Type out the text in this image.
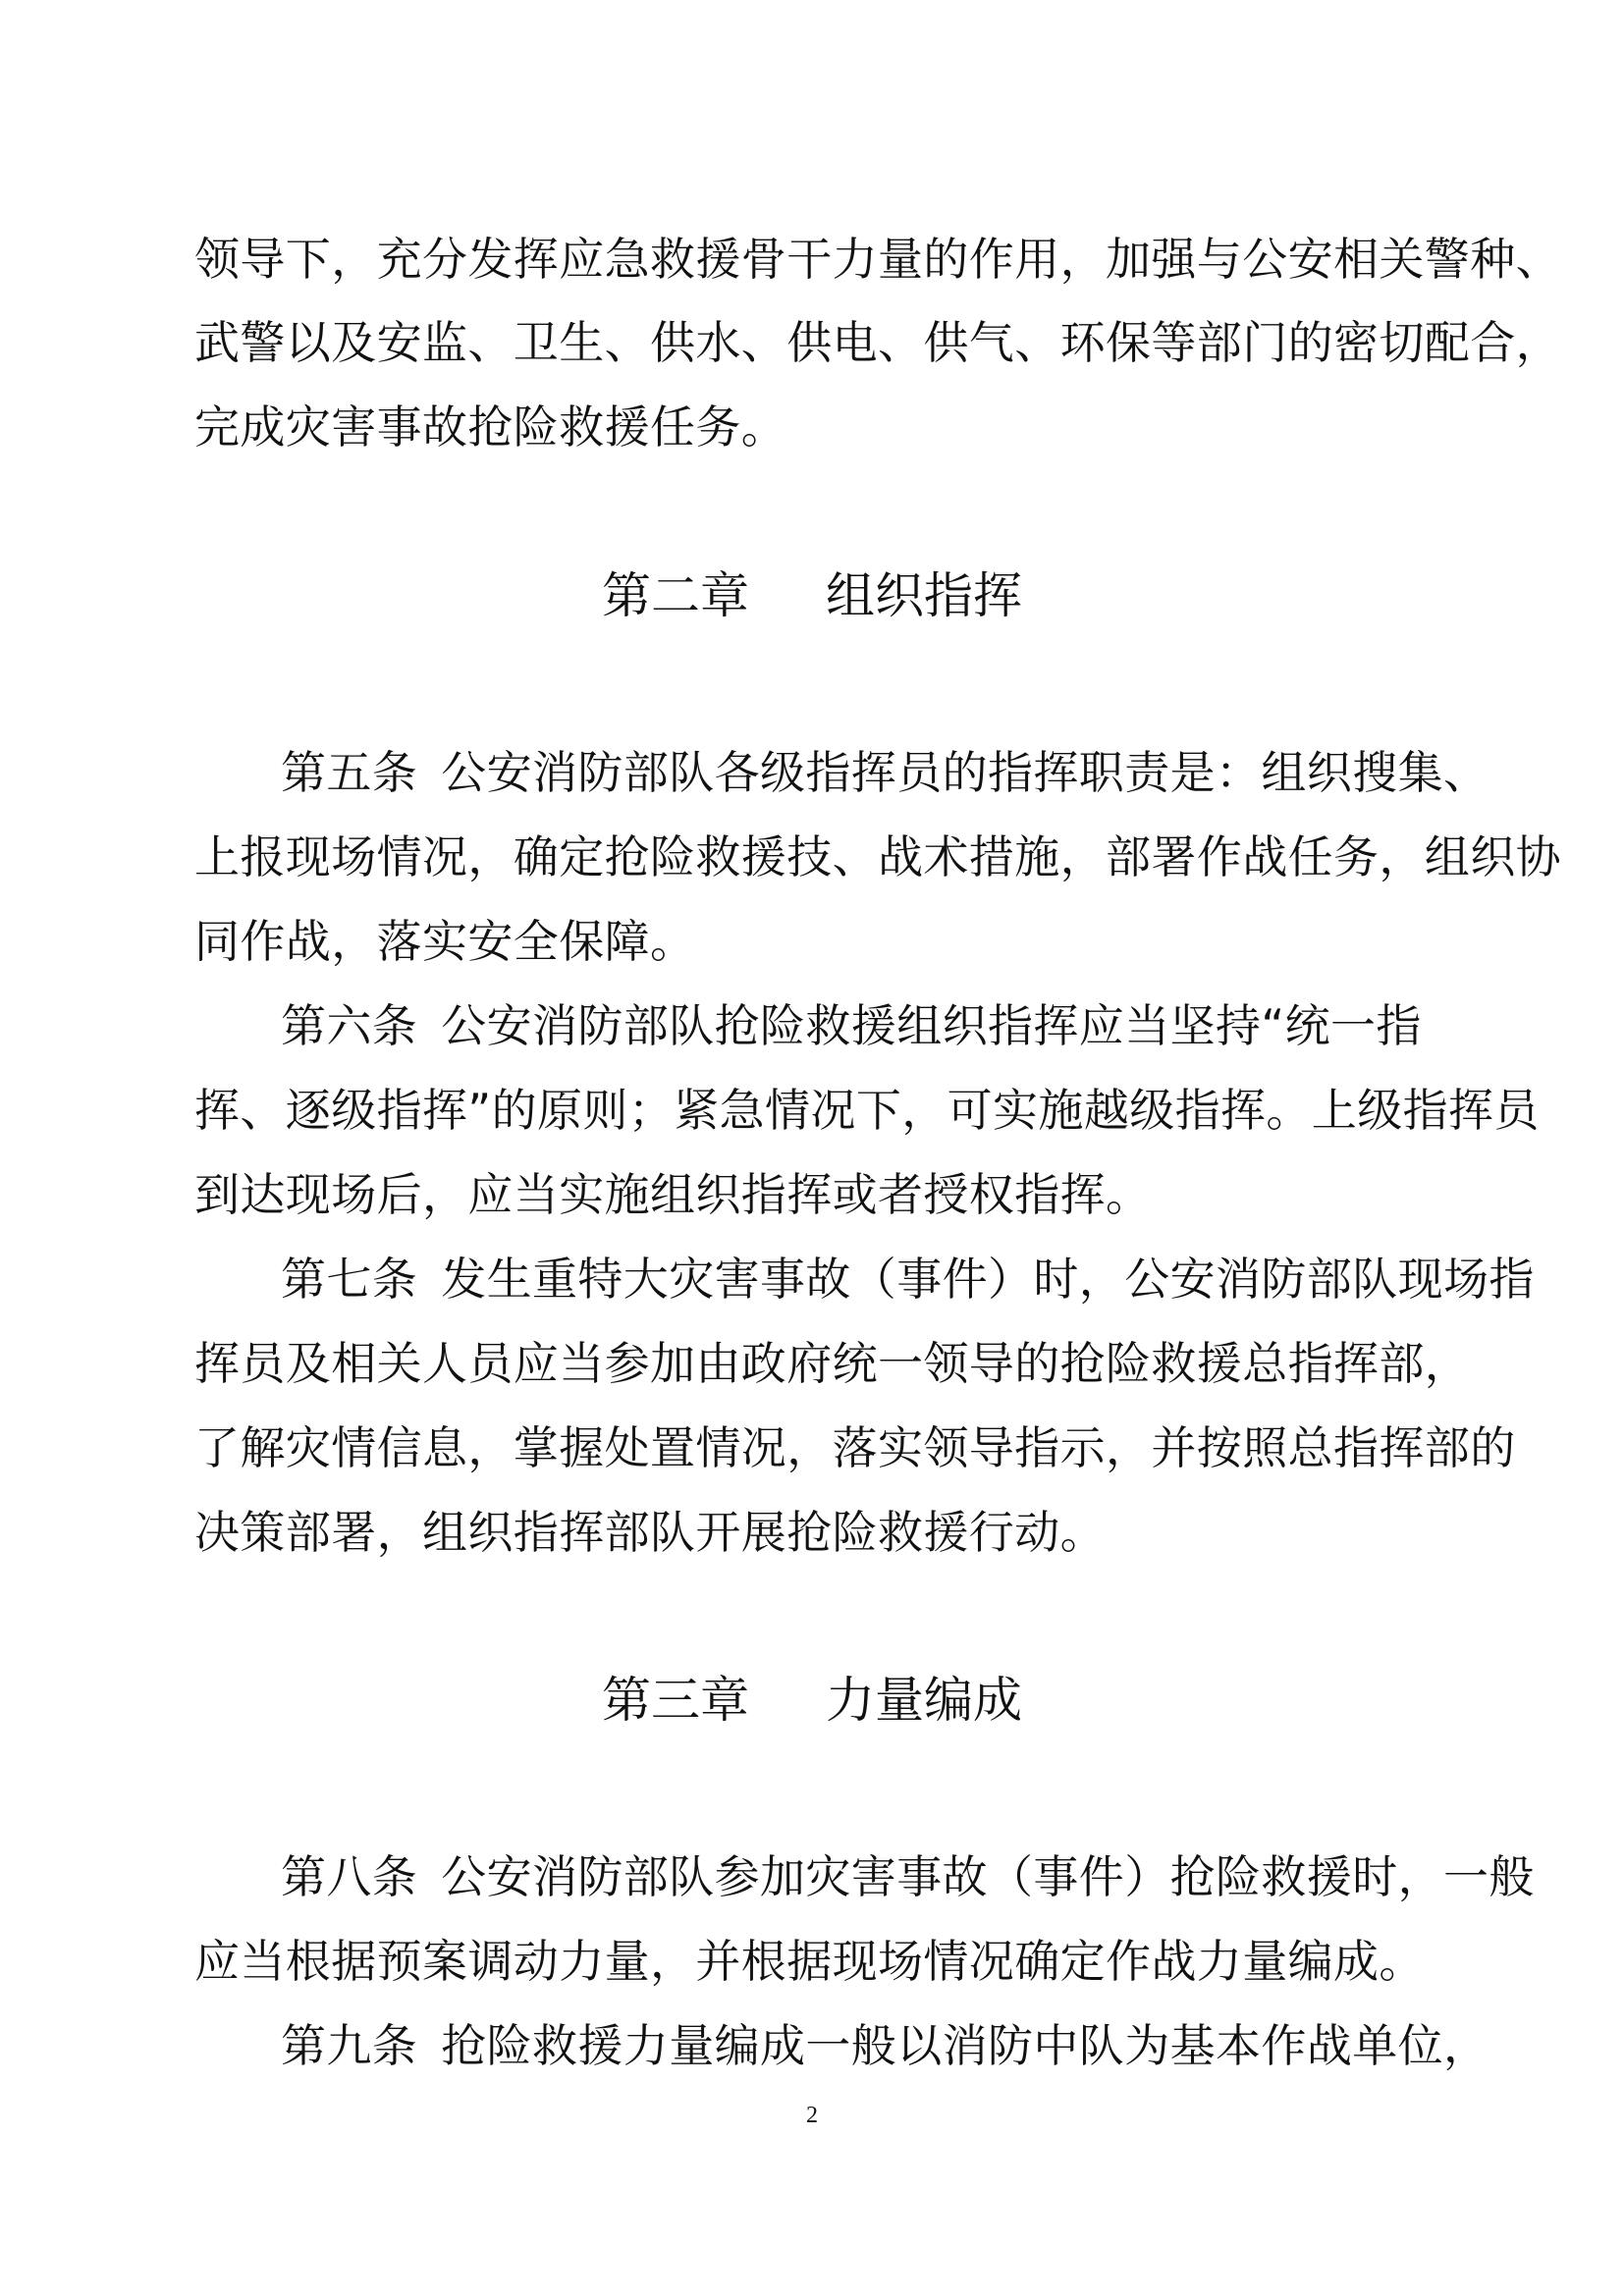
领导下，充分发挥应急救援骨干力量的作用，加强与公安相关警种、
武警以及安监、卫生、供水、供电、供气、环保等部门的密切配合，
完成灾害事故抢险救援任务。
第二章 组织指挥
第五条 公安消防部队各级指挥员的指挥职责是：组织搜集、
上报现场情况，确定抢险救援技、战术措施，部署作战任务，组织协
同作战，落实安全保障。
第六条 公安消防部队抢险救援组织指挥应当坚持“统一指
挥、逐级指挥”的原则；紧急情况下，可实施越级指挥。上级指挥员
到达现场后，应当实施组织指挥或者授权指挥。
第七条 发生重特大灾害事故（事件）时，公安消防部队现场指
挥员及相关人员应当参加由政府统一领导的抢险救援总指挥部，
了解灾情信息，掌握处置情况，落实领导指示，并按照总指挥部的
决策部署，组织指挥部队开展抢险救援行动。
第三章 力量编成
第八条 公安消防部队参加灾害事故（事件）抢险救援时，一般
应当根据预案调动力量，并根据现场情况确定作战力量编成。
第九条 抢险救援力量编成一般以消防中队为基本作战单位，
2
